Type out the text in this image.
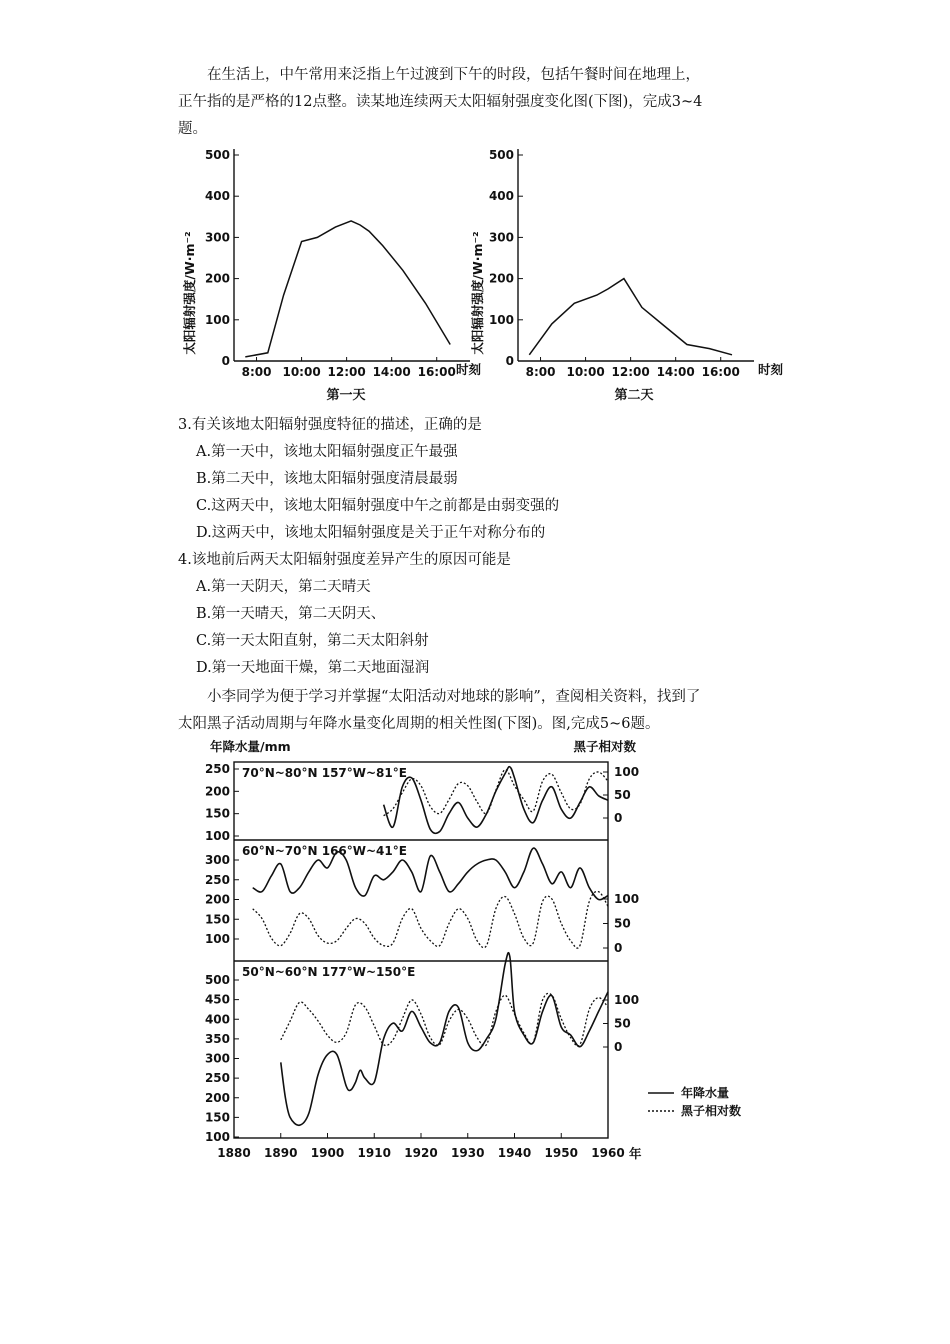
在生活上，中午常用来泛指上午过渡到下午的时段，包括午餐时间在地理上，
正午指的是严格的12点整。读某地连续两天太阳辐射强度变化图(下图)，完成3~4
题。
太阳辐射强度/W·m⁻²	太阳辐射强度/W·m⁻²
时刻	时刻
第一天	第二天
0
100
200
300
400
500
8:00 10:00 12:00 14:00 16:00
0
100
200
300
400
500
8:00 10:00 12:00 14:00 16:00
3.有关该地太阳辐射强度特征的描述，正确的是
A.第一天中，该地太阳辐射强度正午最强
B.第二天中，该地太阳辐射强度清晨最弱
C.这两天中，该地太阳辐射强度中午之前都是由弱变强的
D.这两天中，该地太阳辐射强度是关于正午对称分布的
4.该地前后两天太阳辐射强度差异产生的原因可能是
A.第一天阴天，第二天晴天
B.第一天晴天，第二天阴天、
C.第一天太阳直射，第二天太阳斜射
D.第一天地面干燥，第二天地面湿润
小李同学为便于学习并掌握“太阳活动对地球的影响”，查阅相关资料，找到了
太阳黑子活动周期与年降水量变化周期的相关性图(下图)。图,完成5~6题。
年降水量/mm	黑子相对数
年
年降水量
黑子相对数
250
200
150
100
100
50
0
70°N~80°N 157°W~81°E
300
250
200
150
100
100
50
0
60°N~70°N 166°W~41°E
500
450
400
350
300
250
200
150
100
100
50
0
50°N~60°N 177°W~150°E
1880 1890 1900 1910 1920 1930 1940 1950 1960
